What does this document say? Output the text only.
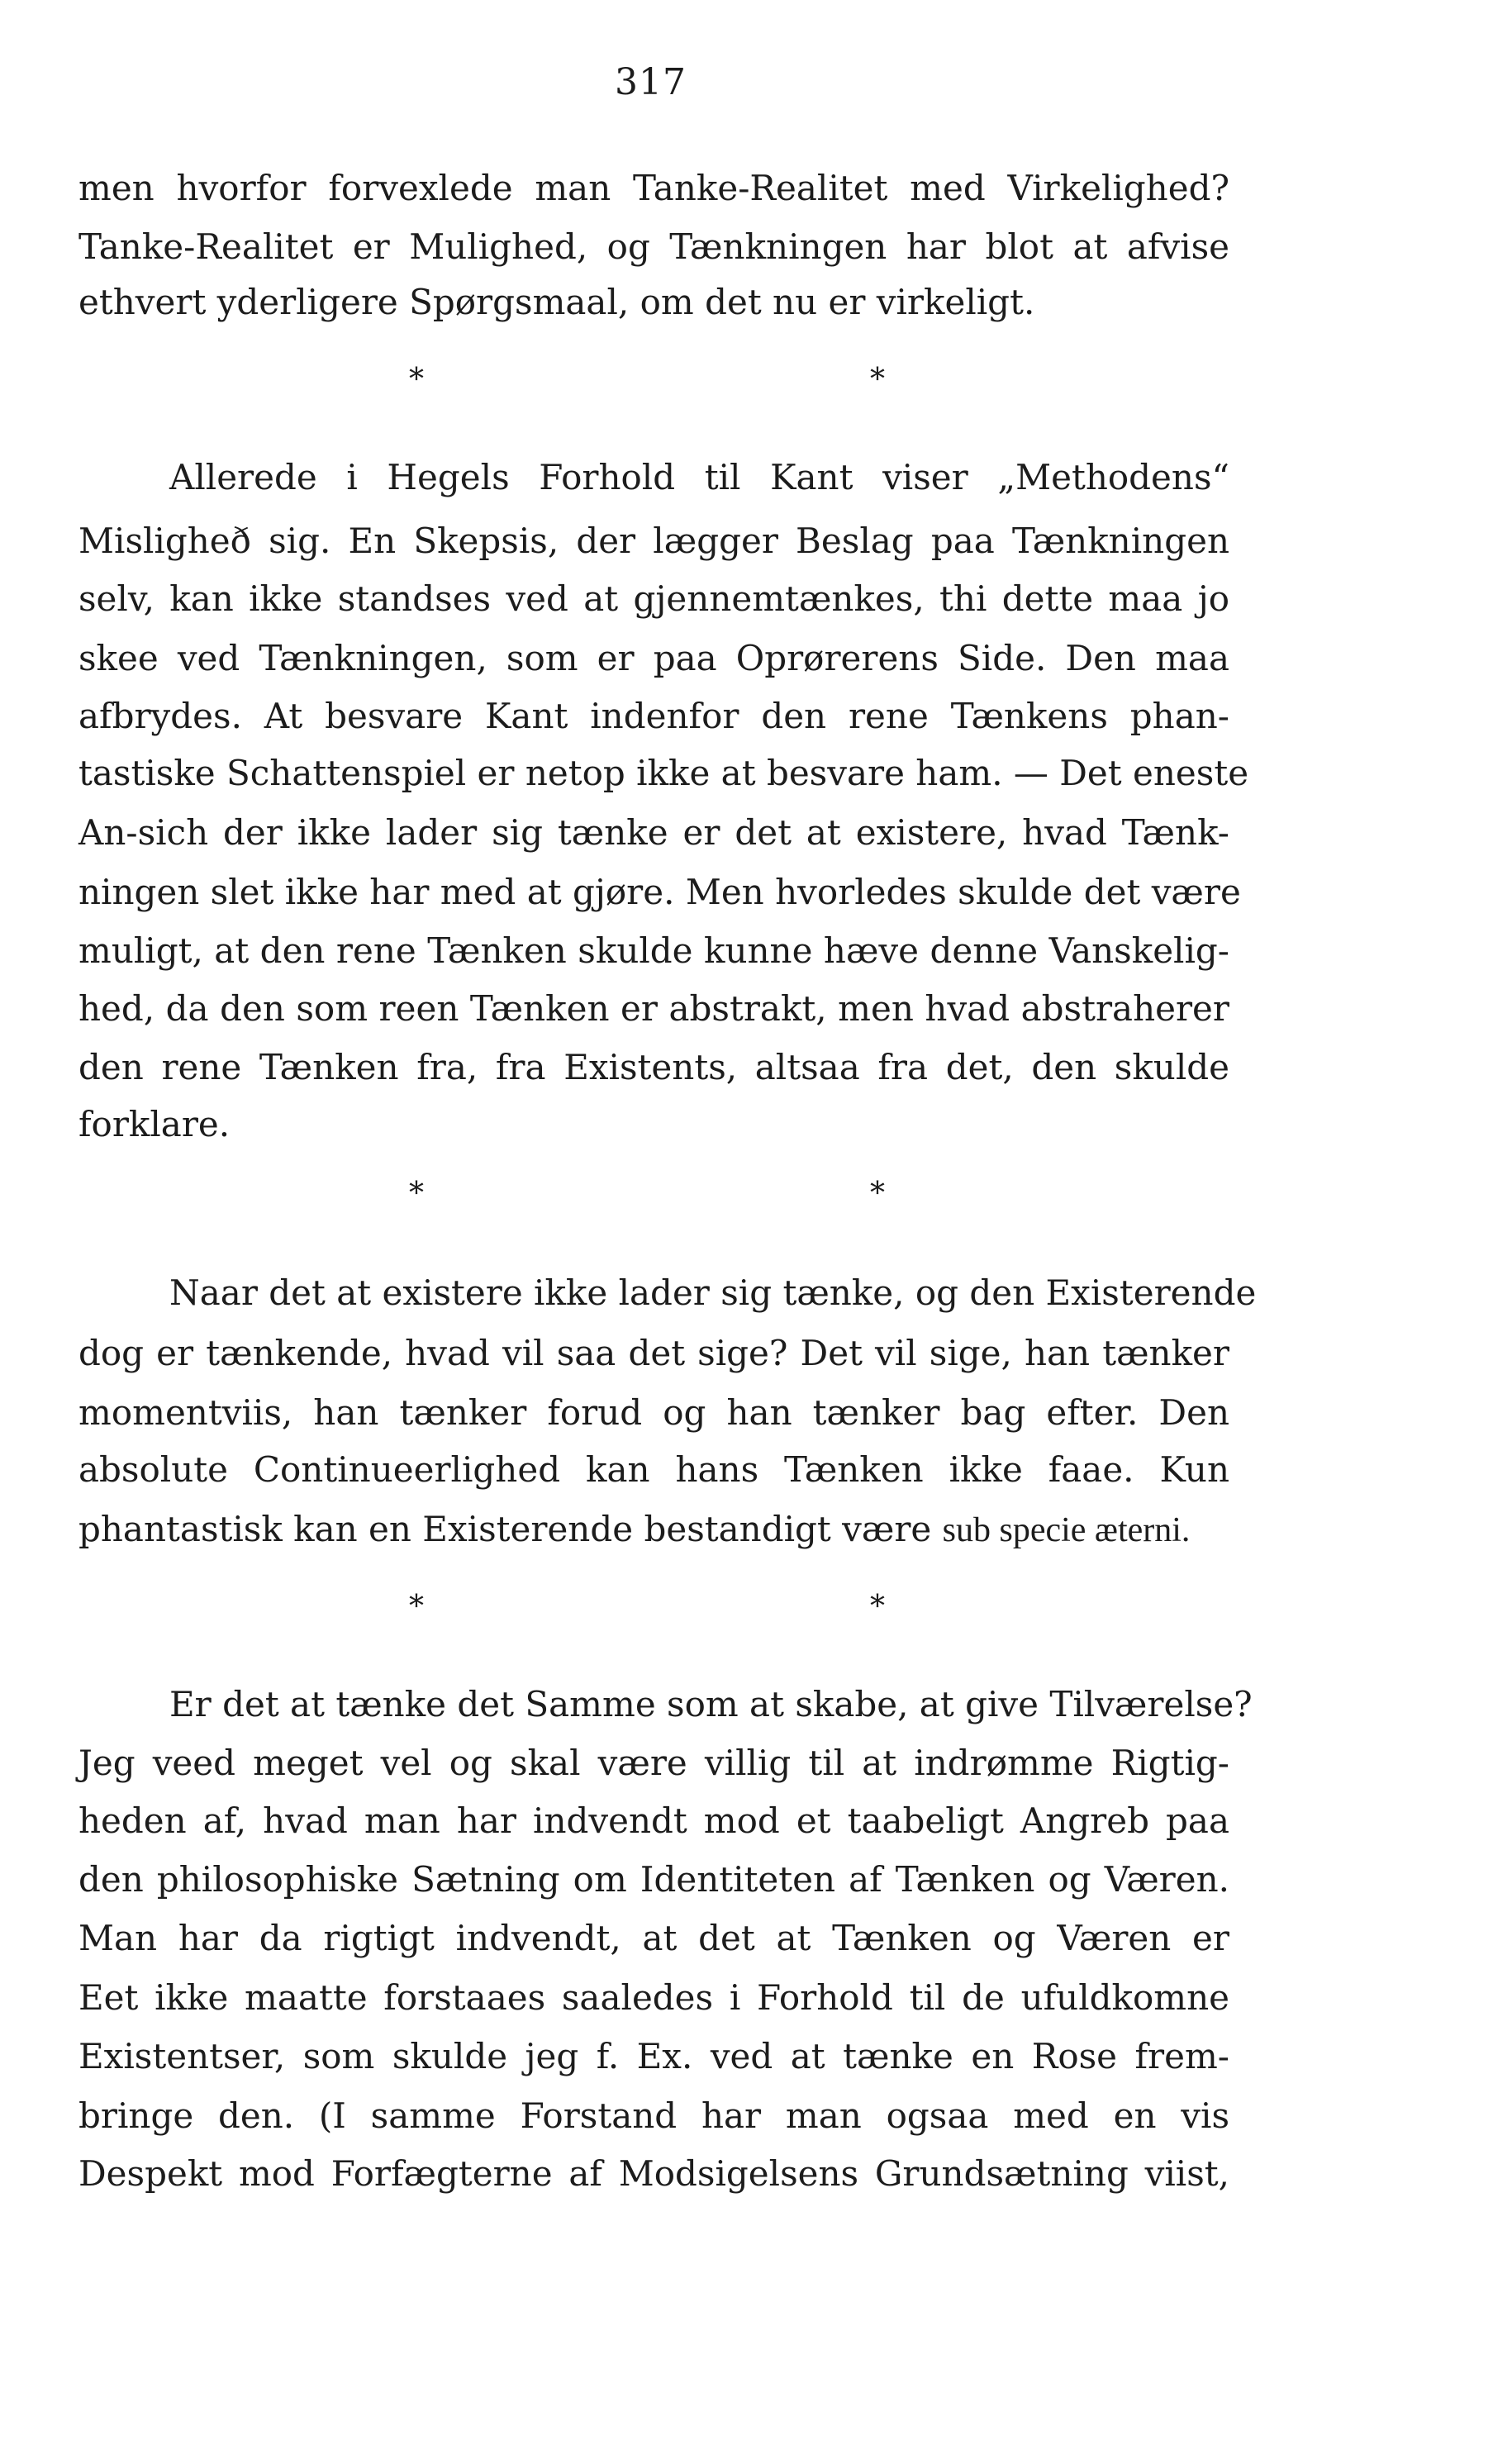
317
men hvorfor forvexlede man Tanke-Realitet med Virkelighed?
Tanke-Realitet er Mulighed, og Tænkningen har blot at afvise
ethvert yderligere Spørgsmaal, om det nu er virkeligt.
*	*
Allerede i Hegels Forhold til Kant viser „Methodens“
Misligheð sig. En Skepsis, der lægger Beslag paa Tænkningen
selv, kan ikke standses ved at gjennemtænkes, thi dette maa jo
skee ved Tænkningen, som er paa Oprørerens Side. Den maa
afbrydes. At besvare Kant indenfor den rene Tænkens phan-
tastiske Schattenspiel er netop ikke at besvare ham. — Det eneste
An-sich der ikke lader sig tænke er det at existere, hvad Tænk-
ningen slet ikke har med at gjøre. Men hvorledes skulde det være
muligt, at den rene Tænken skulde kunne hæve denne Vanskelig-
hed, da den som reen Tænken er abstrakt, men hvad abstraherer
den rene Tænken fra, fra Existents, altsaa fra det, den skulde
forklare.
*	*
Naar det at existere ikke lader sig tænke, og den Existerende
dog er tænkende, hvad vil saa det sige? Det vil sige, han tænker
momentviis, han tænker forud og han tænker bag efter. Den
absolute Continueerlighed kan hans Tænken ikke faae. Kun
phantastisk kan en Existerende bestandigt være sub specie æterni.
*	*
Er det at tænke det Samme som at skabe, at give Tilværelse?
Jeg veed meget vel og skal være villig til at indrømme Rigtig-
heden af, hvad man har indvendt mod et taabeligt Angreb paa
den philosophiske Sætning om Identiteten af Tænken og Væren.
Man har da rigtigt indvendt, at det at Tænken og Væren er
Eet ikke maatte forstaaes saaledes i Forhold til de ufuldkomne
Existentser, som skulde jeg f. Ex. ved at tænke en Rose frem-
bringe den. (I samme Forstand har man ogsaa med en vis
Despekt mod Forfægterne af Modsigelsens Grundsætning viist,
